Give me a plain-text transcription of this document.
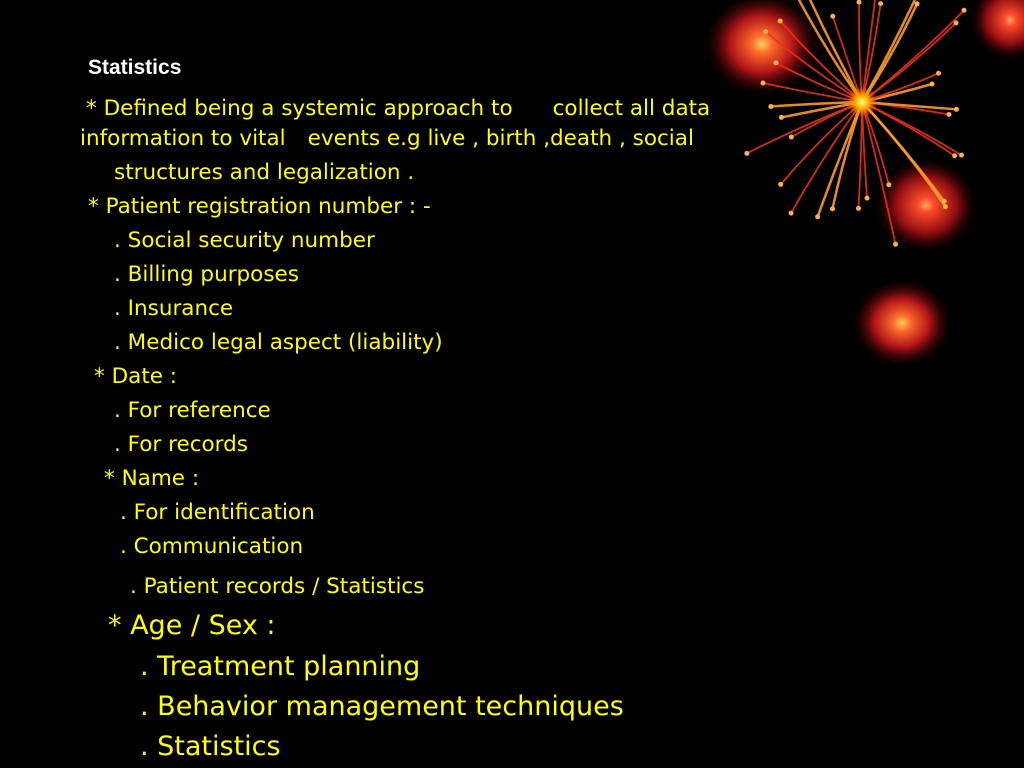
Statistics
* Defined being a systemic approach to collect all data
information to vital events e.g live , birth ,death , social
structures and legalization .
* Patient registration number : -
. Social security number
. Billing purposes
. Insurance
. Medico legal aspect (liability)
* Date :
. For reference
. For records
* Name :
. For identification
. Communication
. Patient records / Statistics
* Age / Sex :
. Treatment planning
. Behavior management techniques
. Statistics
